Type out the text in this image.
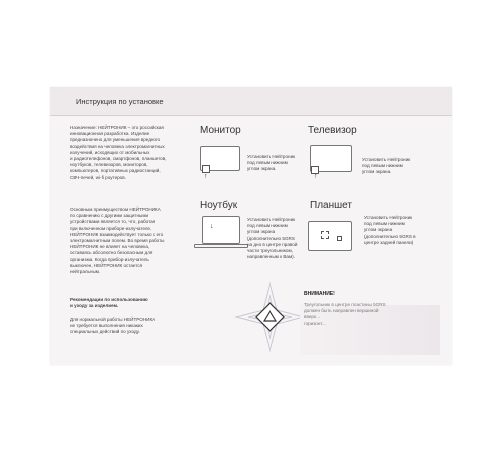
Инструкция по установке
Назначение: НЕЙТРОНИК – это российская
инновационная разработка. Изделие
предназначено для уменьшения вредного
воздействия на человека электромагнитных
излучений, исходящих от мобильных
и радиотелефонов, смартфонов, планшетов,
ноутбуков, телевизоров, мониторов,
компьютеров, портативных радиостанций,
СВЧ-печей, wi-fi роутеров.
Основным преимуществом НЕЙТРОНИКА
по сравнению с другими защитными
устройствами является то, что, работая
при включенном приборе-излучателе,
НЕЙТРОНИК взаимодействует только с его
электромагнитным полем. Во время работы
НЕЙТРОНИК не влияет на человека,
оставаясь абсолютно безопасным для
организма. Когда прибор-излучатель
выключен, НЕЙТРОНИК остается
нейтральным.
Рекомендации по использованию
и уходу за изделием.
Для нормальной работы НЕЙТРОНИКА
не требуется выполнения никаких
специальных действий по уходу.
Монитор
↑
Установить Нейтроник
под левым нижним
углом экрана.
Телевизор
↑
Установить Нейтроник
под левым нижним
углом экрана.
Ноутбук
↓
Установить Нейтроник
под левым нижним
углом экрана
(дополнительно 5GRS
на дно в центре правой
части треугольником,
направленным к Вам).
Планшет
Установить Нейтроник
под левым нижним
углом экрана
(дополнительно 5GRS в
центре задней панели)
ВНИМАНИЕ!
Треугольник в центре пластины 5GRS
должен быть направлен вершиной
вверх...
горизонт...
